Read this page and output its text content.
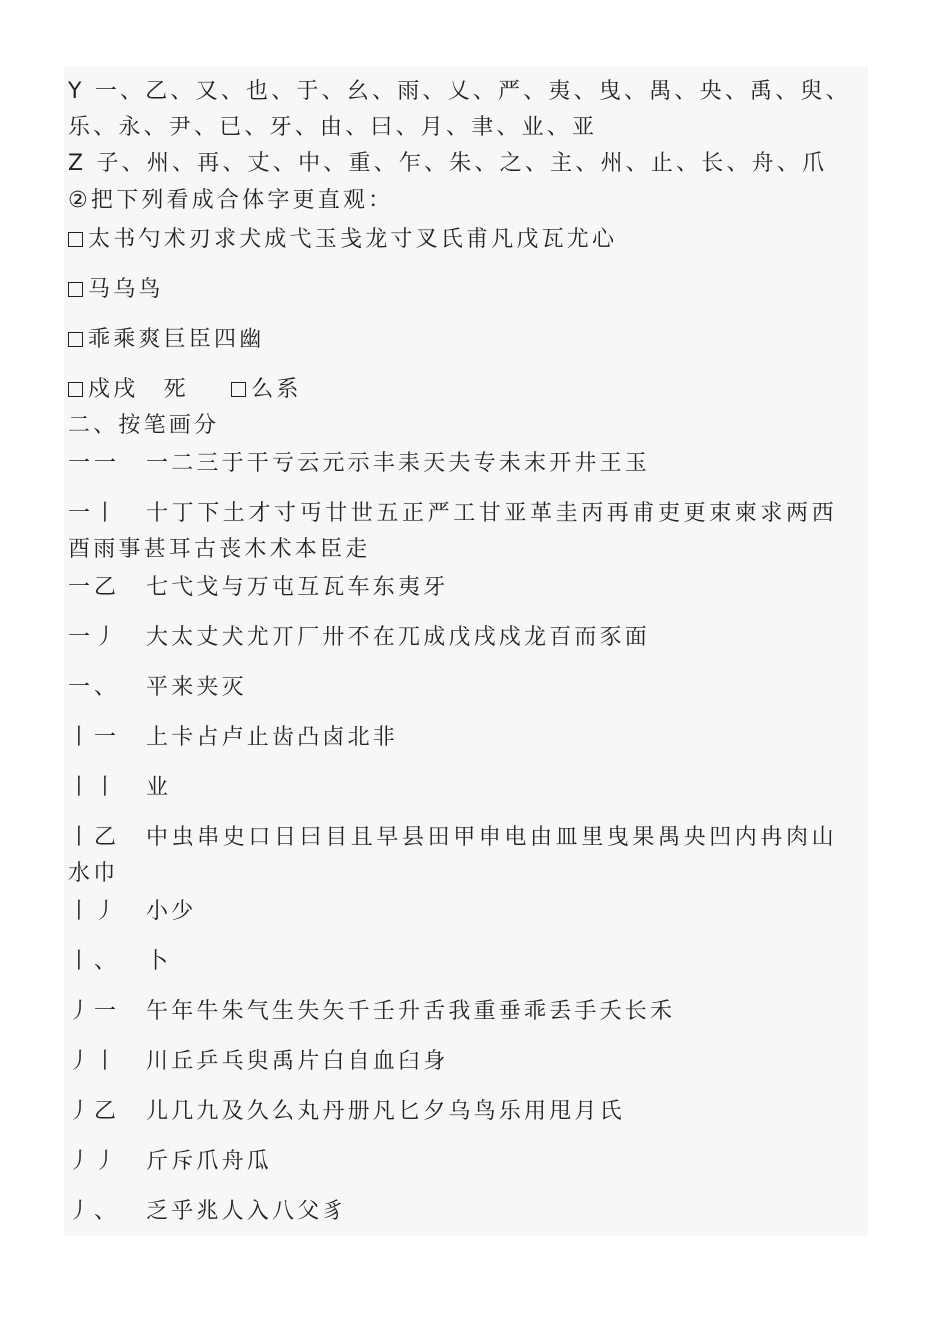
Y 一、乙、又、也、于、幺、雨、乂、严、夷、曳、禺、央、禹、臾、
乐、永、尹、已、牙、由、曰、月、聿、业、亚
Z 子、州、再、丈、中、重、乍、朱、之、主、州、止、长、舟、爪
②把下列看成合体字更直观：
太书勺术刃求犬成弋玉戋龙寸叉氏甫凡戊瓦尤心
马乌鸟
乖乘爽巨臣四幽
戍戌　死	么系
二、按笔画分
一一 一二三于干亏云元示丰耒天夫专未末开井王玉
一丨 十丁下土才寸丏廿世五正严工甘亚革圭丙再甫吏更束柬求两西
酉雨事甚耳古丧木术本臣走
一乙 七弋戈与万屯互瓦车东夷牙
一丿 大太丈犬尤丌厂卅不在兀成戊戌戍龙百而豕面
一、 平来夹灭
丨一 上卡占卢止齿凸卤北非
丨丨 业
丨乙 中虫串史口日曰目且早县田甲申电由皿里曳果禺央凹内冉肉山
水巾
丨丿 小少
丨、 卜
丿一 午年牛朱气生失矢千壬升舌我重垂乖丢手夭长禾
丿丨 川丘乒乓臾禹片白自血臼身
丿乙 儿几九及久么丸丹册凡匕夕乌鸟乐用甩月氏
丿丿 斤斥爪舟瓜
丿、 乏乎兆人入八父豸
